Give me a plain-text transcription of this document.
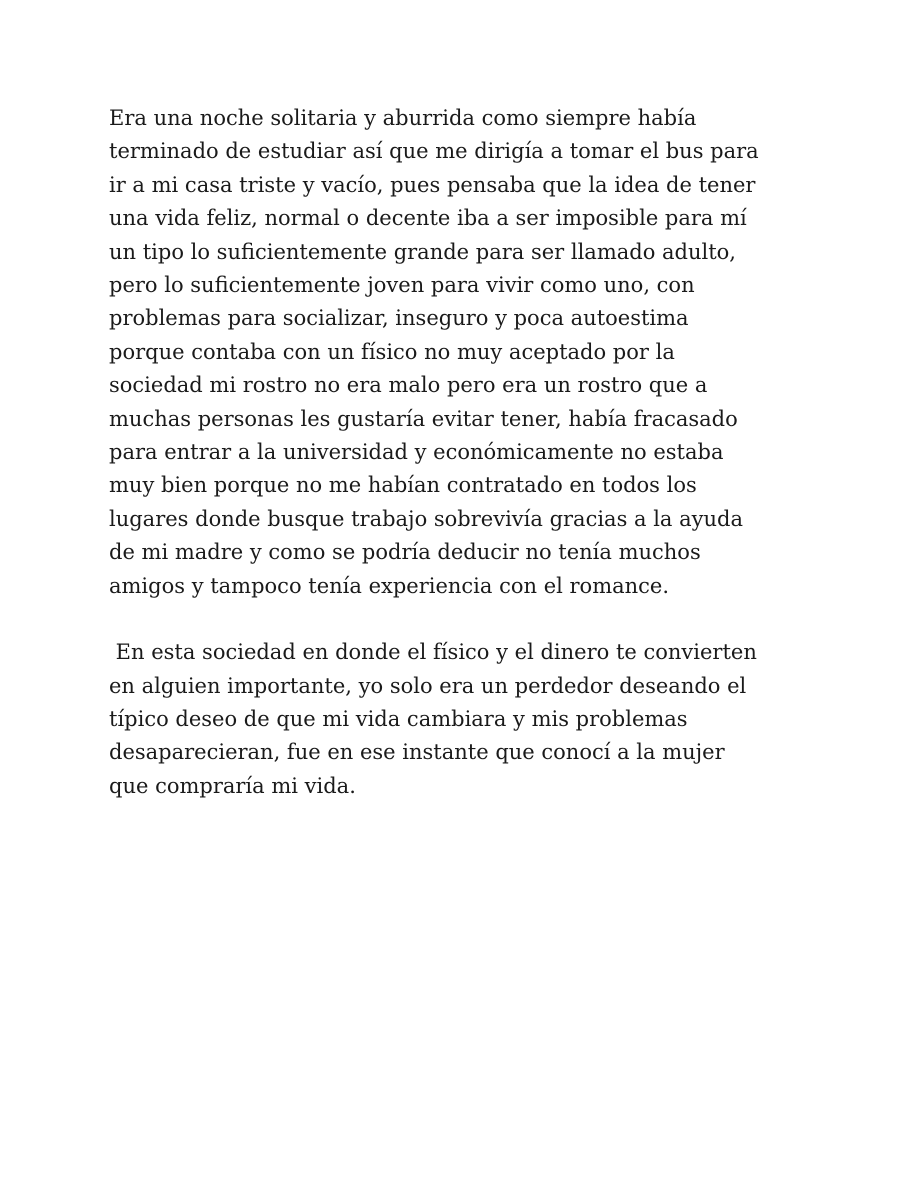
Era una noche solitaria y aburrida como siempre había
terminado de estudiar así que me dirigía a tomar el bus para
ir a mi casa triste y vacío, pues pensaba que la idea de tener
una vida feliz, normal o decente iba a ser imposible para mí
un tipo lo suficientemente grande para ser llamado adulto,
pero lo suficientemente joven para vivir como uno, con
problemas para socializar, inseguro y poca autoestima
porque contaba con un físico no muy aceptado por la
sociedad mi rostro no era malo pero era un rostro que a
muchas personas les gustaría evitar tener, había fracasado
para entrar a la universidad y económicamente no estaba
muy bien porque no me habían contratado en todos los
lugares donde busque trabajo sobrevivía gracias a la ayuda
de mi madre y como se podría deducir no tenía muchos
amigos y tampoco tenía experiencia con el romance.

En esta sociedad en donde el físico y el dinero te convierten
en alguien importante, yo solo era un perdedor deseando el
típico deseo de que mi vida cambiara y mis problemas
desaparecieran, fue en ese instante que conocí a la mujer
que compraría mi vida.
